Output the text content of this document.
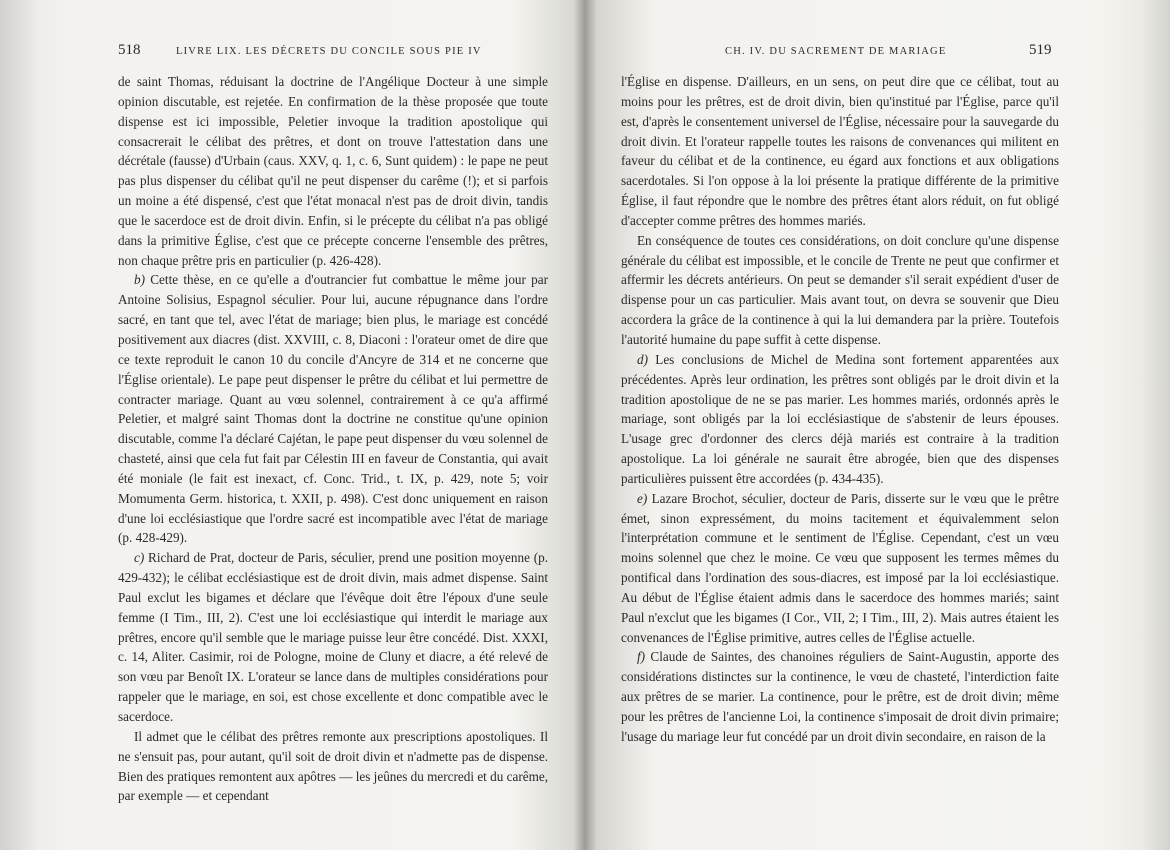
518	LIVRE LIX. LES DÉCRETS DU CONCILE SOUS PIE IV

de saint Thomas, réduisant la doctrine de l'Angélique Docteur à une simple opinion discutable, est rejetée. En confirmation de la thèse proposée que toute dispense est ici impossible, Peletier invoque la tradition apostolique qui consacrerait le célibat des prêtres, et dont on trouve l'attestation dans une décrétale (fausse) d'Urbain (caus. XXV, q. 1, c. 6, Sunt quidem) : le pape ne peut pas plus dispenser du célibat qu'il ne peut dispenser du carême (!); et si parfois un moine a été dispensé, c'est que l'état monacal n'est pas de droit divin, tandis que le sacerdoce est de droit divin. Enfin, si le précepte du célibat n'a pas obligé dans la primitive Église, c'est que ce précepte concerne l'ensemble des prêtres, non chaque prêtre pris en particulier (p. 426-428).

b) Cette thèse, en ce qu'elle a d'outrancier fut combattue le même jour par Antoine Solisius, Espagnol séculier. Pour lui, aucune répugnance dans l'ordre sacré, en tant que tel, avec l'état de mariage; bien plus, le mariage est concédé positivement aux diacres (dist. XXVIII, c. 8, Diaconi : l'orateur omet de dire que ce texte reproduit le canon 10 du concile d'Ancyre de 314 et ne concerne que l'Église orientale). Le pape peut dispenser le prêtre du célibat et lui permettre de contracter mariage. Quant au vœu solennel, contrairement à ce qu'a affirmé Peletier, et malgré saint Thomas dont la doctrine ne constitue qu'une opinion discutable, comme l'a déclaré Cajétan, le pape peut dispenser du vœu solennel de chasteté, ainsi que cela fut fait par Célestin III en faveur de Constantia, qui avait été moniale (le fait est inexact, cf. Conc. Trid., t. IX, p. 429, note 5; voir Momumenta Germ. historica, t. XXII, p. 498). C'est donc uniquement en raison d'une loi ecclésiastique que l'ordre sacré est incompatible avec l'état de mariage (p. 428-429).

c) Richard de Prat, docteur de Paris, séculier, prend une position moyenne (p. 429-432); le célibat ecclésiastique est de droit divin, mais admet dispense. Saint Paul exclut les bigames et déclare que l'évêque doit être l'époux d'une seule femme (I Tim., III, 2). C'est une loi ecclésiastique qui interdit le mariage aux prêtres, encore qu'il semble que le mariage puisse leur être concédé. Dist. XXXI, c. 14, Aliter. Casimir, roi de Pologne, moine de Cluny et diacre, a été relevé de son vœu par Benoît IX. L'orateur se lance dans de multiples considérations pour rappeler que le mariage, en soi, est chose excellente et donc compatible avec le sacerdoce.

Il admet que le célibat des prêtres remonte aux prescriptions apostoliques. Il ne s'ensuit pas, pour autant, qu'il soit de droit divin et n'admette pas de dispense. Bien des pratiques remontent aux apôtres — les jeûnes du mercredi et du carême, par exemple — et cependant

CH. IV. DU SACREMENT DE MARIAGE	519

l'Église en dispense. D'ailleurs, en un sens, on peut dire que ce célibat, tout au moins pour les prêtres, est de droit divin, bien qu'institué par l'Église, parce qu'il est, d'après le consentement universel de l'Église, nécessaire pour la sauvegarde du droit divin. Et l'orateur rappelle toutes les raisons de convenances qui militent en faveur du célibat et de la continence, eu égard aux fonctions et aux obligations sacerdotales. Si l'on oppose à la loi présente la pratique différente de la primitive Église, il faut répondre que le nombre des prêtres étant alors réduit, on fut obligé d'accepter comme prêtres des hommes mariés.

En conséquence de toutes ces considérations, on doit conclure qu'une dispense générale du célibat est impossible, et le concile de Trente ne peut que confirmer et affermir les décrets antérieurs. On peut se demander s'il serait expédient d'user de dispense pour un cas particulier. Mais avant tout, on devra se souvenir que Dieu accordera la grâce de la continence à qui la lui demandera par la prière. Toutefois l'autorité humaine du pape suffit à cette dispense.

d) Les conclusions de Michel de Medina sont fortement apparentées aux précédentes. Après leur ordination, les prêtres sont obligés par le droit divin et la tradition apostolique de ne se pas marier. Les hommes mariés, ordonnés après le mariage, sont obligés par la loi ecclésiastique de s'abstenir de leurs épouses. L'usage grec d'ordonner des clercs déjà mariés est contraire à la tradition apostolique. La loi générale ne saurait être abrogée, bien que des dispenses particulières puissent être accordées (p. 434-435).

e) Lazare Brochot, séculier, docteur de Paris, disserte sur le vœu que le prêtre émet, sinon expressément, du moins tacitement et équivalemment selon l'interprétation commune et le sentiment de l'Église. Cependant, c'est un vœu moins solennel que chez le moine. Ce vœu que supposent les termes mêmes du pontifical dans l'ordination des sous-diacres, est imposé par la loi ecclésiastique. Au début de l'Église étaient admis dans le sacerdoce des hommes mariés; saint Paul n'exclut que les bigames (I Cor., VII, 2; I Tim., III, 2). Mais autres étaient les convenances de l'Église primitive, autres celles de l'Église actuelle.

f) Claude de Saintes, des chanoines réguliers de Saint-Augustin, apporte des considérations distinctes sur la continence, le vœu de chasteté, l'interdiction faite aux prêtres de se marier. La continence, pour le prêtre, est de droit divin; même pour les prêtres de l'ancienne Loi, la continence s'imposait de droit divin primaire; l'usage du mariage leur fut concédé par un droit divin secondaire, en raison de la
